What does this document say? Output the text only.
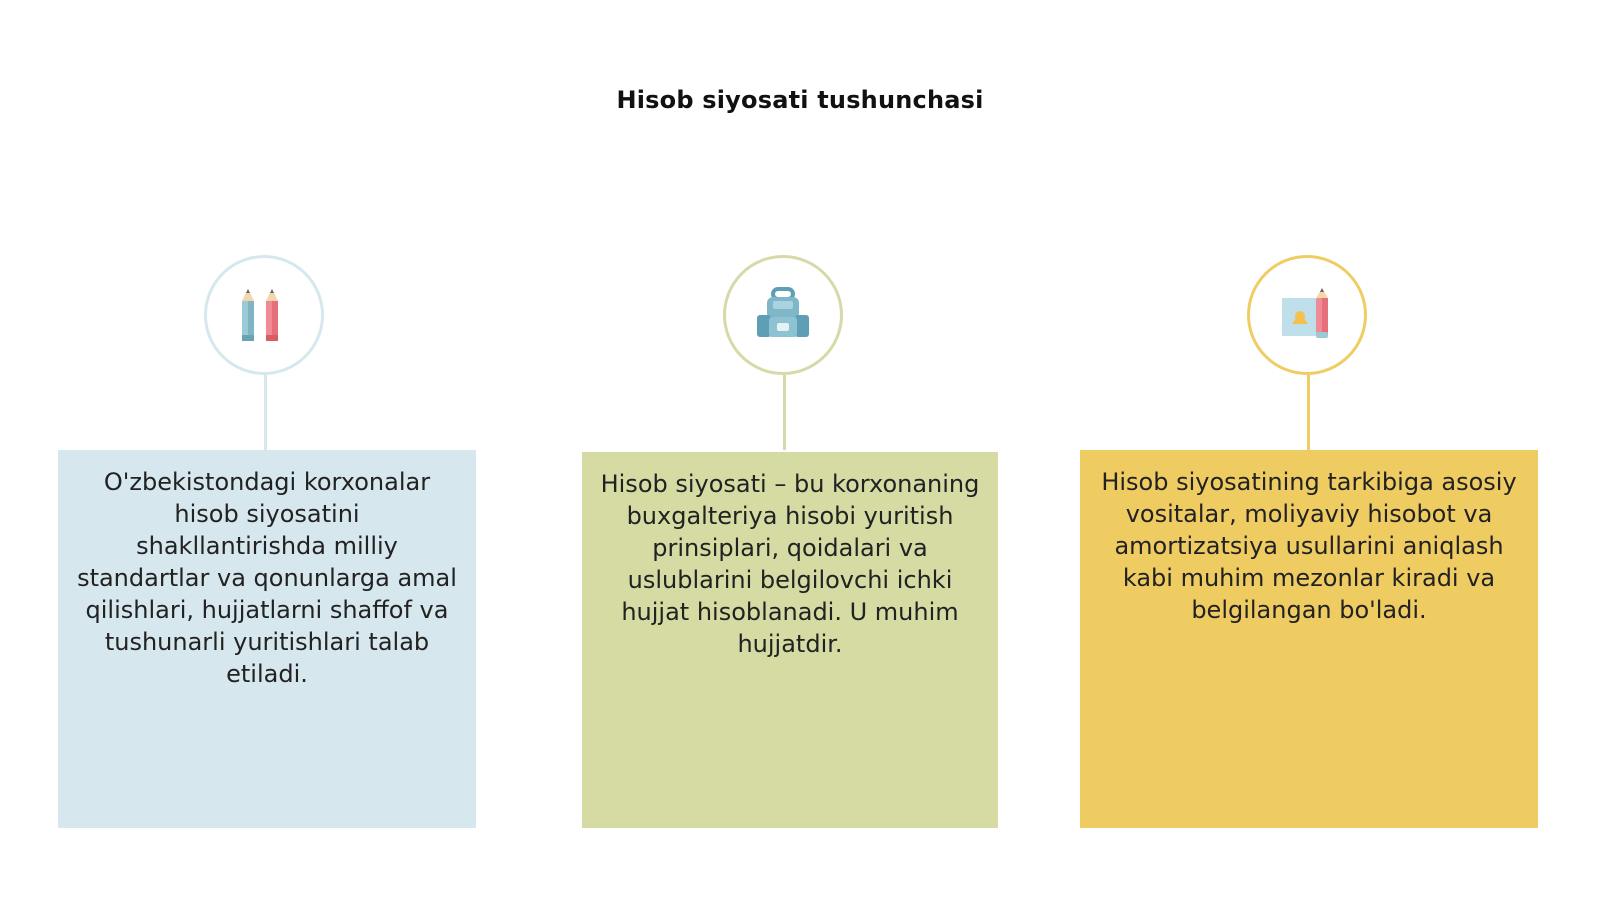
Hisob siyosati tushunchasi
O'zbekistondagi korxonalar hisob siyosatini shakllantirishda milliy standartlar va qonunlarga amal qilishlari, hujjatlarni shaffof va tushunarli yuritishlari talab etiladi.
Hisob siyosati – bu korxonaning buxgalteriya hisobi yuritish prinsiplari, qoidalari va uslublarini belgilovchi ichki hujjat hisoblanadi. U muhim hujjatdir.
Hisob siyosatining tarkibiga asosiy vositalar, moliyaviy hisobot va amortizatsiya usullarini aniqlash kabi muhim mezonlar kiradi va belgilangan bo'ladi.
